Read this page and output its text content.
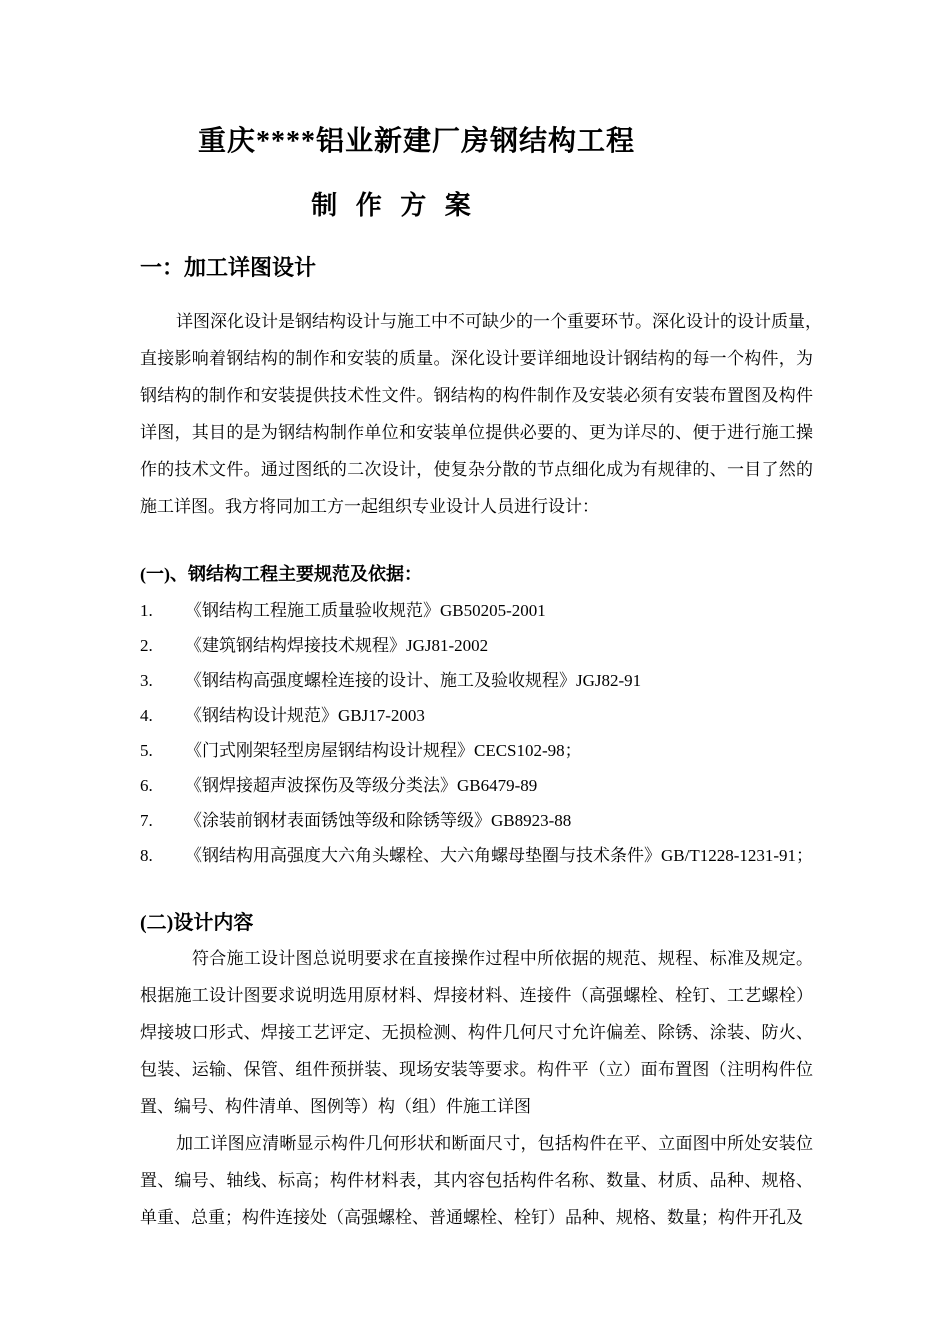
重庆****铝业新建厂房钢结构工程
制 作 方 案
一：加工详图设计
详图深化设计是钢结构设计与施工中不可缺少的一个重要环节。深化设计的设计质量，
直接影响着钢结构的制作和安装的质量。深化设计要详细地设计钢结构的每一个构件，为
钢结构的制作和安装提供技术性文件。钢结构的构件制作及安装必须有安装布置图及构件
详图，其目的是为钢结构制作单位和安装单位提供必要的、更为详尽的、便于进行施工操
作的技术文件。通过图纸的二次设计，使复杂分散的节点细化成为有规律的、一目了然的
施工详图。我方将同加工方一起组织专业设计人员进行设计：
(一)、钢结构工程主要规范及依据：
1.	《钢结构工程施工质量验收规范》GB50205-2001
2.	《建筑钢结构焊接技术规程》JGJ81-2002
3.	《钢结构高强度螺栓连接的设计、施工及验收规程》JGJ82-91
4.	《钢结构设计规范》GBJ17-2003
5.	《门式刚架轻型房屋钢结构设计规程》CECS102-98；
6.	《钢焊接超声波探伤及等级分类法》GB6479-89
7.	《涂装前钢材表面锈蚀等级和除锈等级》GB8923-88
8.	《钢结构用高强度大六角头螺栓、大六角螺母垫圈与技术条件》GB/T1228-1231-91；
(二)设计内容
符合施工设计图总说明要求在直接操作过程中所依据的规范、规程、标准及规定。
根据施工设计图要求说明选用原材料、焊接材料、连接件（高强螺栓、栓钉、工艺螺栓）
焊接坡口形式、焊接工艺评定、无损检测、构件几何尺寸允许偏差、除锈、涂装、防火、
包装、运输、保管、组件预拼装、现场安装等要求。构件平（立）面布置图（注明构件位
置、编号、构件清单、图例等）构（组）件施工详图
加工详图应清晰显示构件几何形状和断面尺寸，包括构件在平、立面图中所处安装位
置、编号、轴线、标高；构件材料表，其内容包括构件名称、数量、材质、品种、规格、
单重、总重；构件连接处（高强螺栓、普通螺栓、栓钉）品种、规格、数量；构件开孔及
